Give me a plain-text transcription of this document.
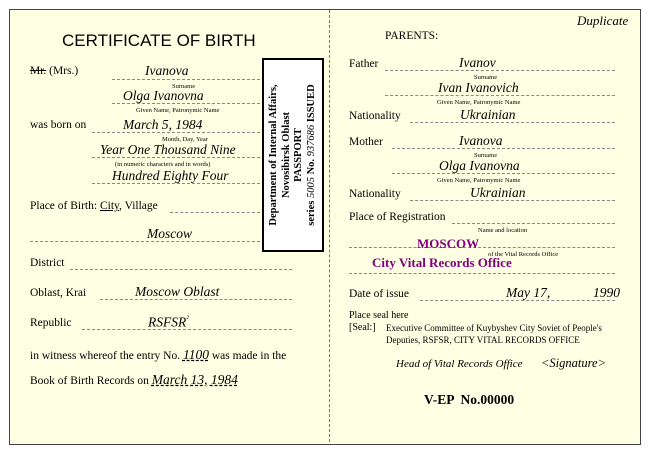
Duplicate
CERTIFICATE OF BIRTH
Mr. (Mrs.)	Ivanova
Surname
Olga Ivanovna
Given Name, Patronymic Name
was born on	March 5, 1984
Month, Day, Year
Year One Thousand Nine
(in numeric characters and in words)
Hundred Eighty Four
Place of Birth: City, Village
Moscow
District
Oblast, Krai	Moscow Oblast
Republic	$RSFSR^{^2}$
in witness whereof the entry No. 1100 was made in the
Book of Birth Records on March 13, 1984
Department of Internal Affairs, Novosibirsk Oblast PASSPORT
series 5005 No. 937686 ISSUED
PARENTS:
Father	Ivanov
Surname
Ivan Ivanovich
Given Name, Patronymic Name
Nationality	Ukrainian
Mother	Ivanova
Surname
Olga Ivanovna
Given Name, Patronymic Name
Nationality	Ukrainian
Place of Registration
Name and location
MOSCOW
of the Vital Records Office
City Vital Records Office
Date of issue	May 17,	1990
Place seal here
[Seal:] Executive Committee of Kuybyshev City Soviet of People's
Deputies, RSFSR, CITY VITAL RECORDS OFFICE
Head of Vital Records Office <Signature>
V-EP  No.00000
